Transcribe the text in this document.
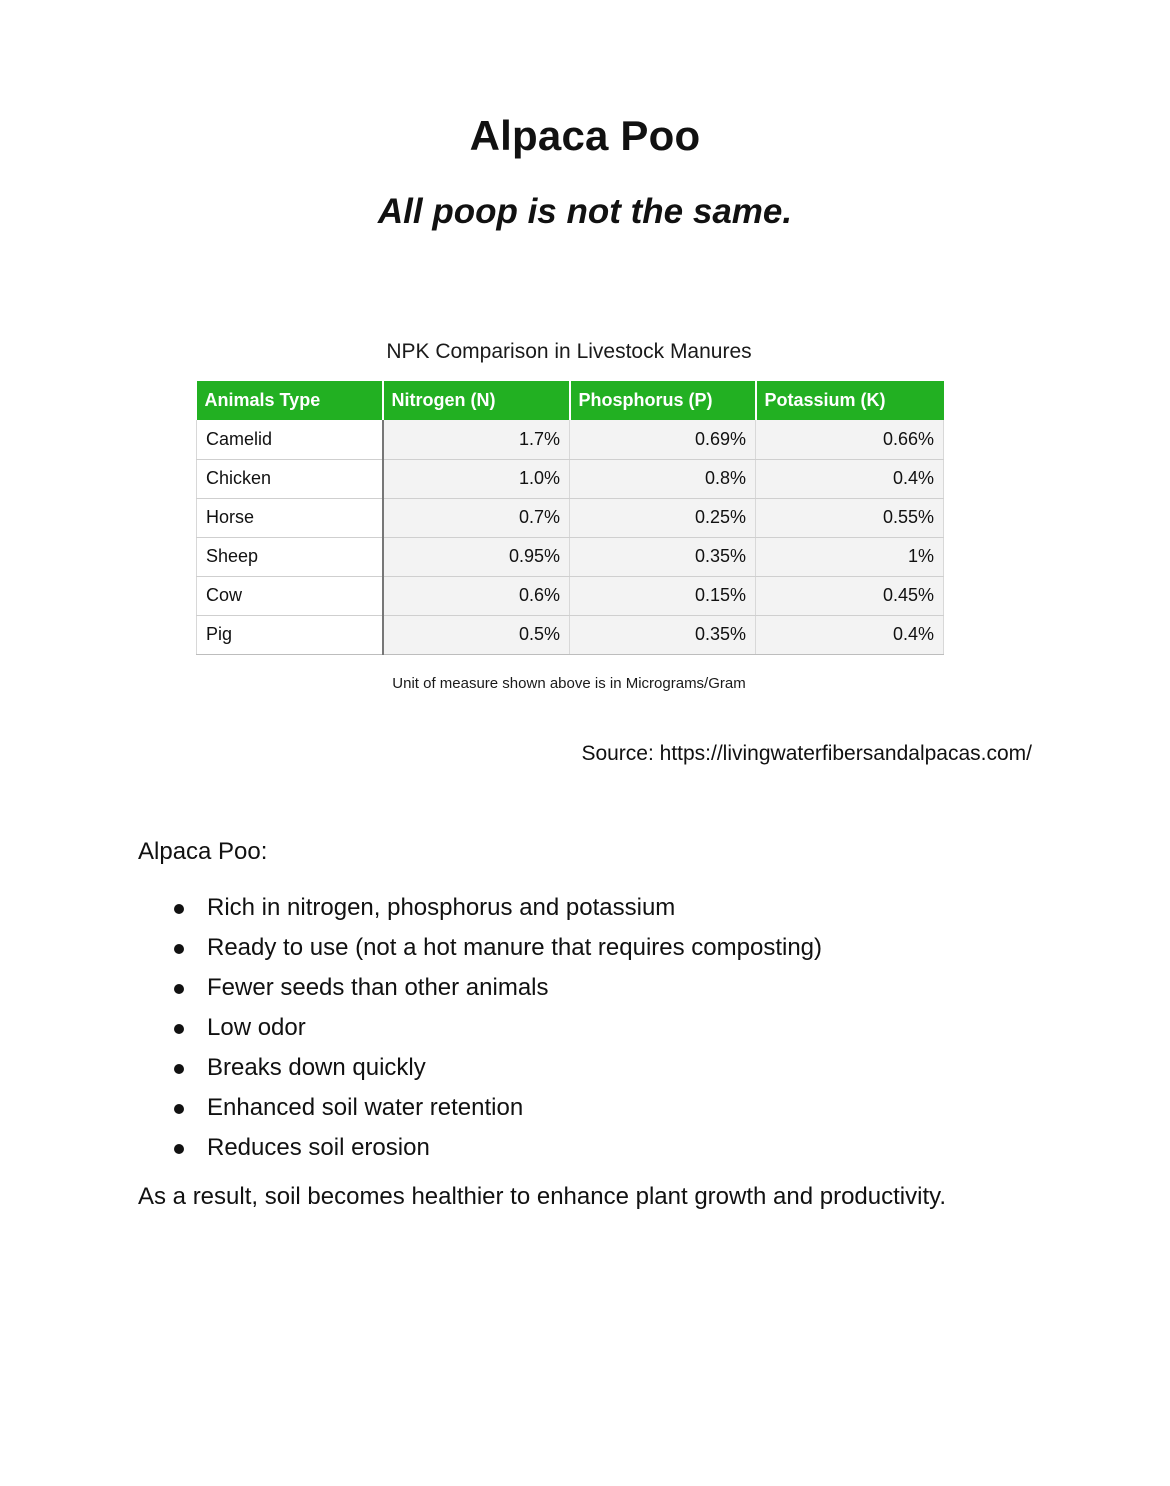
Alpaca Poo
All poop is not the same.
NPK Comparison in Livestock Manures
Animals Type	Nitrogen (N)	Phosphorus (P)	Potassium (K)
Camelid	1.7%	0.69%	0.66%
Chicken	1.0%	0.8%	0.4%
Horse	0.7%	0.25%	0.55%
Sheep	0.95%	0.35%	1%
Cow	0.6%	0.15%	0.45%
Pig	0.5%	0.35%	0.4%
Unit of measure shown above is in Micrograms/Gram
Source: https://livingwaterfibersandalpacas.com/
Alpaca Poo:
Rich in nitrogen, phosphorus and potassium
Ready to use (not a hot manure that requires composting)
Fewer seeds than other animals
Low odor
Breaks down quickly
Enhanced soil water retention
Reduces soil erosion
As a result, soil becomes healthier to enhance plant growth and productivity.
